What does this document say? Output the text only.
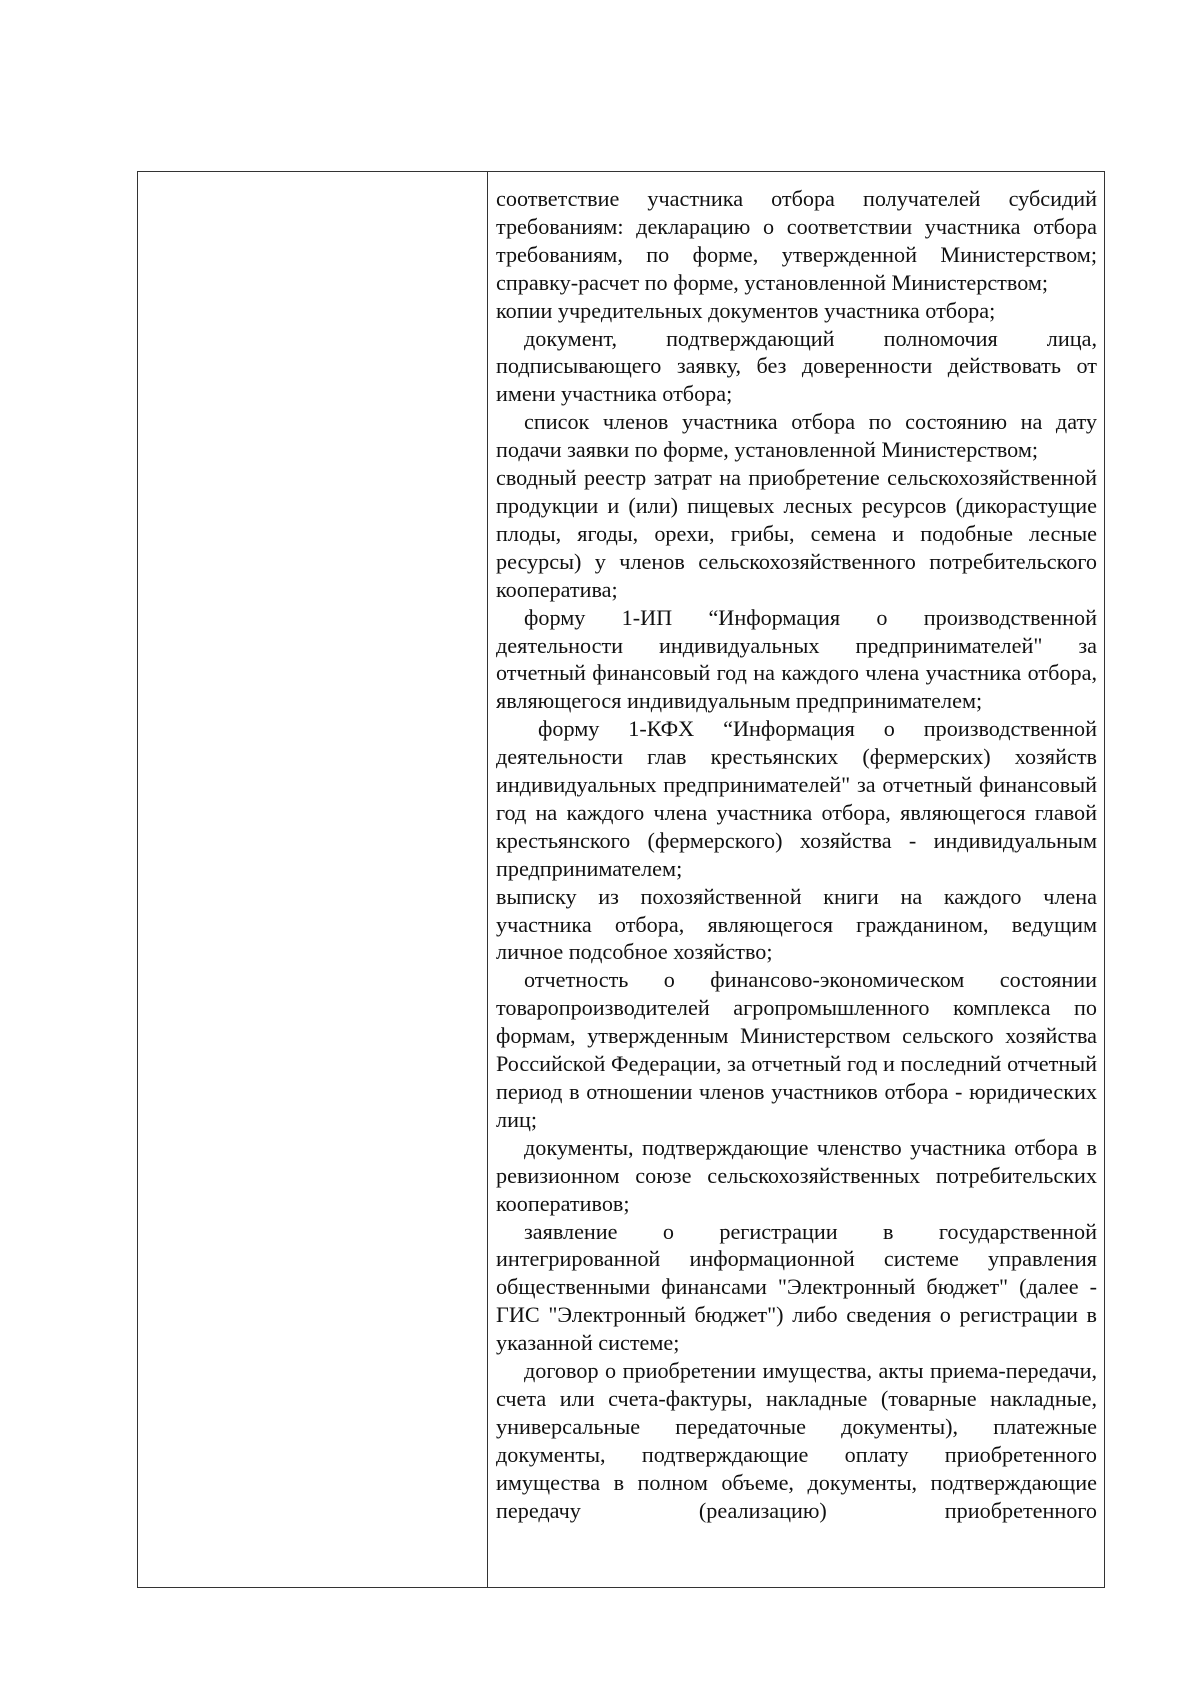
соответствие участника отбора получателей субсидий требованиям: декларацию о соответствии участника отбора требованиям, по форме, утвержденной Министерством; справку-расчет по форме, установленной Министерством;

копии учредительных документов участника отбора;

документ, подтверждающий полномочия лица, подписывающего заявку, без доверенности действовать от имени участника отбора;

список членов участника отбора по состоянию на дату подачи заявки по форме, установленной Министерством;

сводный реестр затрат на приобретение сельскохозяйственной продукции и (или) пищевых лесных ресурсов (дикорастущие плоды, ягоды, орехи, грибы, семена и подобные лесные ресурсы) у членов сельскохозяйственного потребительского кооператива;

форму 1-ИП “Информация о производственной деятельности индивидуальных предпринимателей" за отчетный финансовый год на каждого члена участника отбора, являющегося индивидуальным предпринимателем;

форму 1-КФХ “Информация о производственной деятельности глав крестьянских (фермерских) хозяйств индивидуальных предпринимателей" за отчетный финансовый год на каждого члена участника отбора, являющегося главой крестьянского (фермерского) хозяйства - индивидуальным предпринимателем;

выписку из похозяйственной книги на каждого члена участника отбора, являющегося гражданином, ведущим личное подсобное хозяйство;

отчетность о финансово-экономическом состоянии товаропроизводителей агропромышленного комплекса по формам, утвержденным Министерством сельского хозяйства Российской Федерации, за отчетный год и последний отчетный период в отношении членов участников отбора - юридических лиц;

документы, подтверждающие членство участника отбора в ревизионном союзе сельскохозяйственных потребительских кооперативов;

заявление о регистрации в государственной интегрированной информационной системе управления общественными финансами "Электронный бюджет" (далее - ГИС "Электронный бюджет") либо сведения о регистрации в указанной системе;

договор о приобретении имущества, акты приема-передачи, счета или счета-фактуры, накладные (товарные накладные, универсальные передаточные документы), платежные документы, подтверждающие оплату приобретенного имущества в полном объеме, документы, подтверждающие передачу (реализацию) приобретенного
